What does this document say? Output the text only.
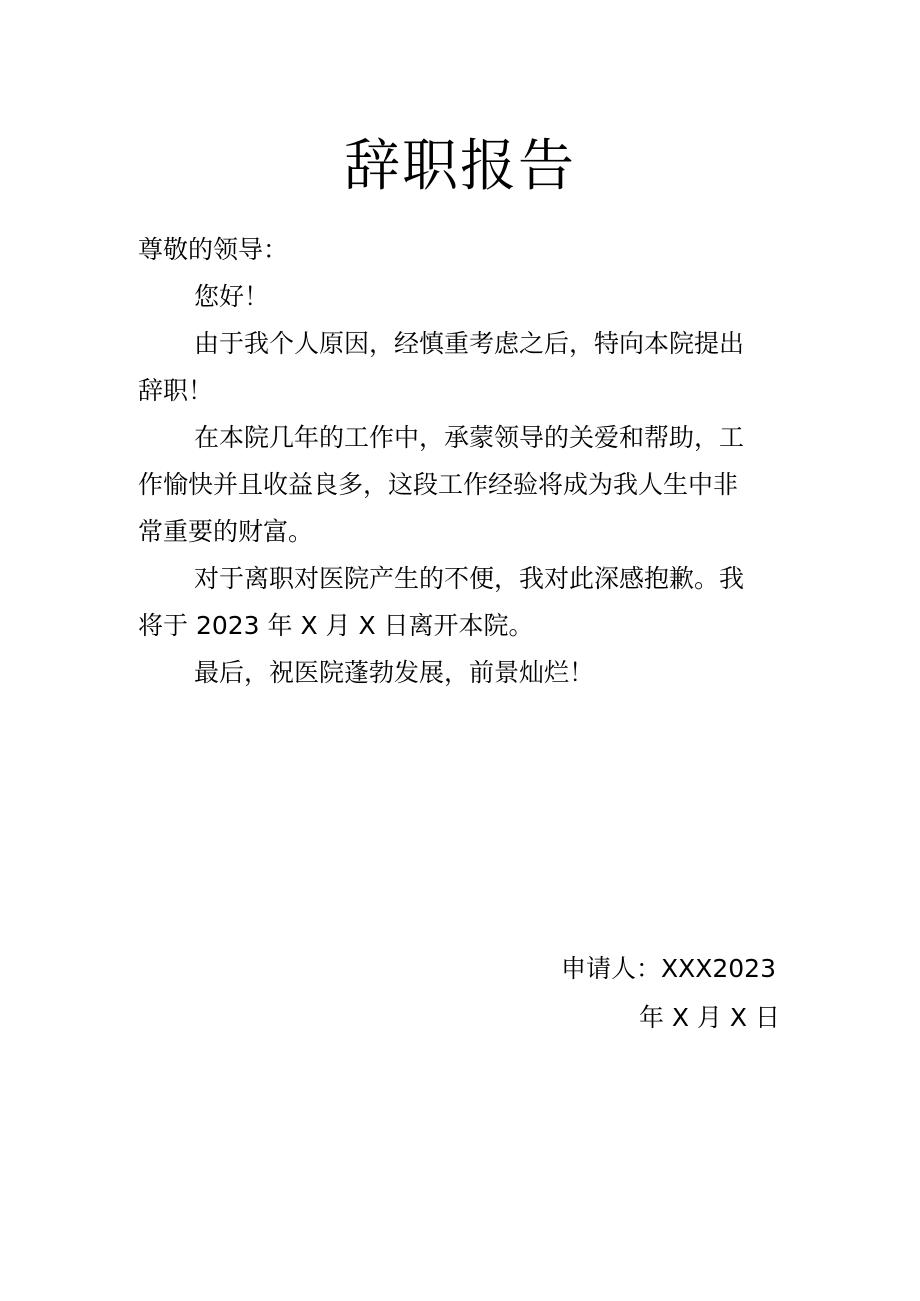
辞职报告
尊敬的领导：
您好！
由于我个人原因，经慎重考虑之后，特向本院提出
辞职！
在本院几年的工作中，承蒙领导的关爱和帮助，工
作愉快并且收益良多，这段工作经验将成为我人生中非
常重要的财富。
对于离职对医院产生的不便，我对此深感抱歉。我
将于 2023 年 X 月 X 日离开本院。
最后，祝医院蓬勃发展，前景灿烂！
申请人：XXX2023
年 X 月 X 日
